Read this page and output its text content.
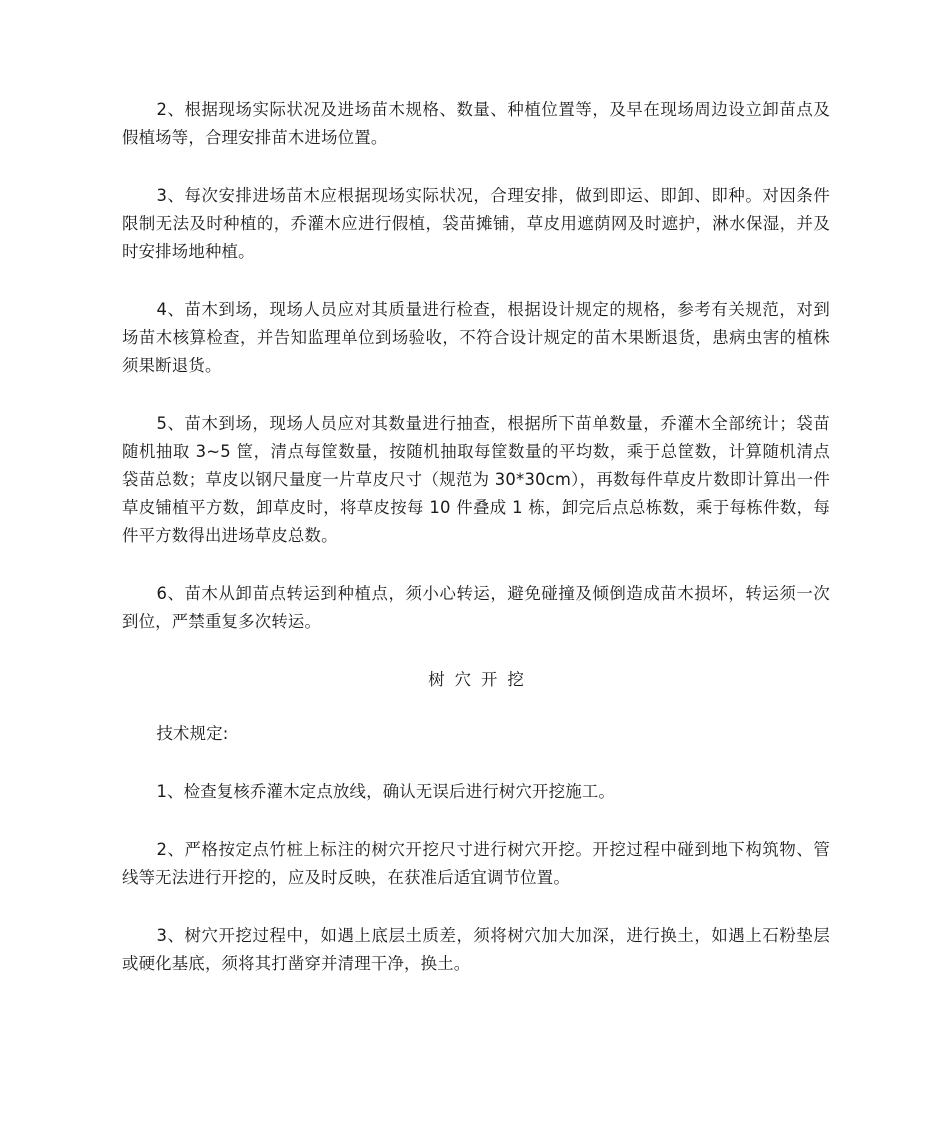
2、根据现场实际状况及进场苗木规格、数量、种植位置等，及早在现场周边设立卸苗点及假植场等，合理安排苗木进场位置。

3、每次安排进场苗木应根据现场实际状况，合理安排，做到即运、即卸、即种。对因条件限制无法及时种植的，乔灌木应进行假植，袋苗摊铺，草皮用遮荫网及时遮护，淋水保湿，并及时安排场地种植。

4、苗木到场，现场人员应对其质量进行检查，根据设计规定的规格，参考有关规范，对到场苗木核算检查，并告知监理单位到场验收，不符合设计规定的苗木果断退货，患病虫害的植株须果断退货。

5、苗木到场，现场人员应对其数量进行抽查，根据所下苗单数量，乔灌木全部统计；袋苗随机抽取 3~5 筐，清点每筐数量，按随机抽取每筐数量的平均数，乘于总筐数，计算随机清点袋苗总数；草皮以钢尺量度一片草皮尺寸（规范为 30*30cm），再数每件草皮片数即计算出一件草皮铺植平方数，卸草皮时，将草皮按每 10 件叠成 1 栋，卸完后点总栋数，乘于每栋件数，每件平方数得出进场草皮总数。

6、苗木从卸苗点转运到种植点，须小心转运，避免碰撞及倾倒造成苗木损坏，转运须一次到位，严禁重复多次转运。

树穴开挖

技术规定:

1、检查复核乔灌木定点放线，确认无误后进行树穴开挖施工。

2、严格按定点竹桩上标注的树穴开挖尺寸进行树穴开挖。开挖过程中碰到地下构筑物、管线等无法进行开挖的，应及时反映，在获准后适宜调节位置。

3、树穴开挖过程中，如遇上底层土质差，须将树穴加大加深，进行换土，如遇上石粉垫层或硬化基底，须将其打凿穿并清理干净，换土。
